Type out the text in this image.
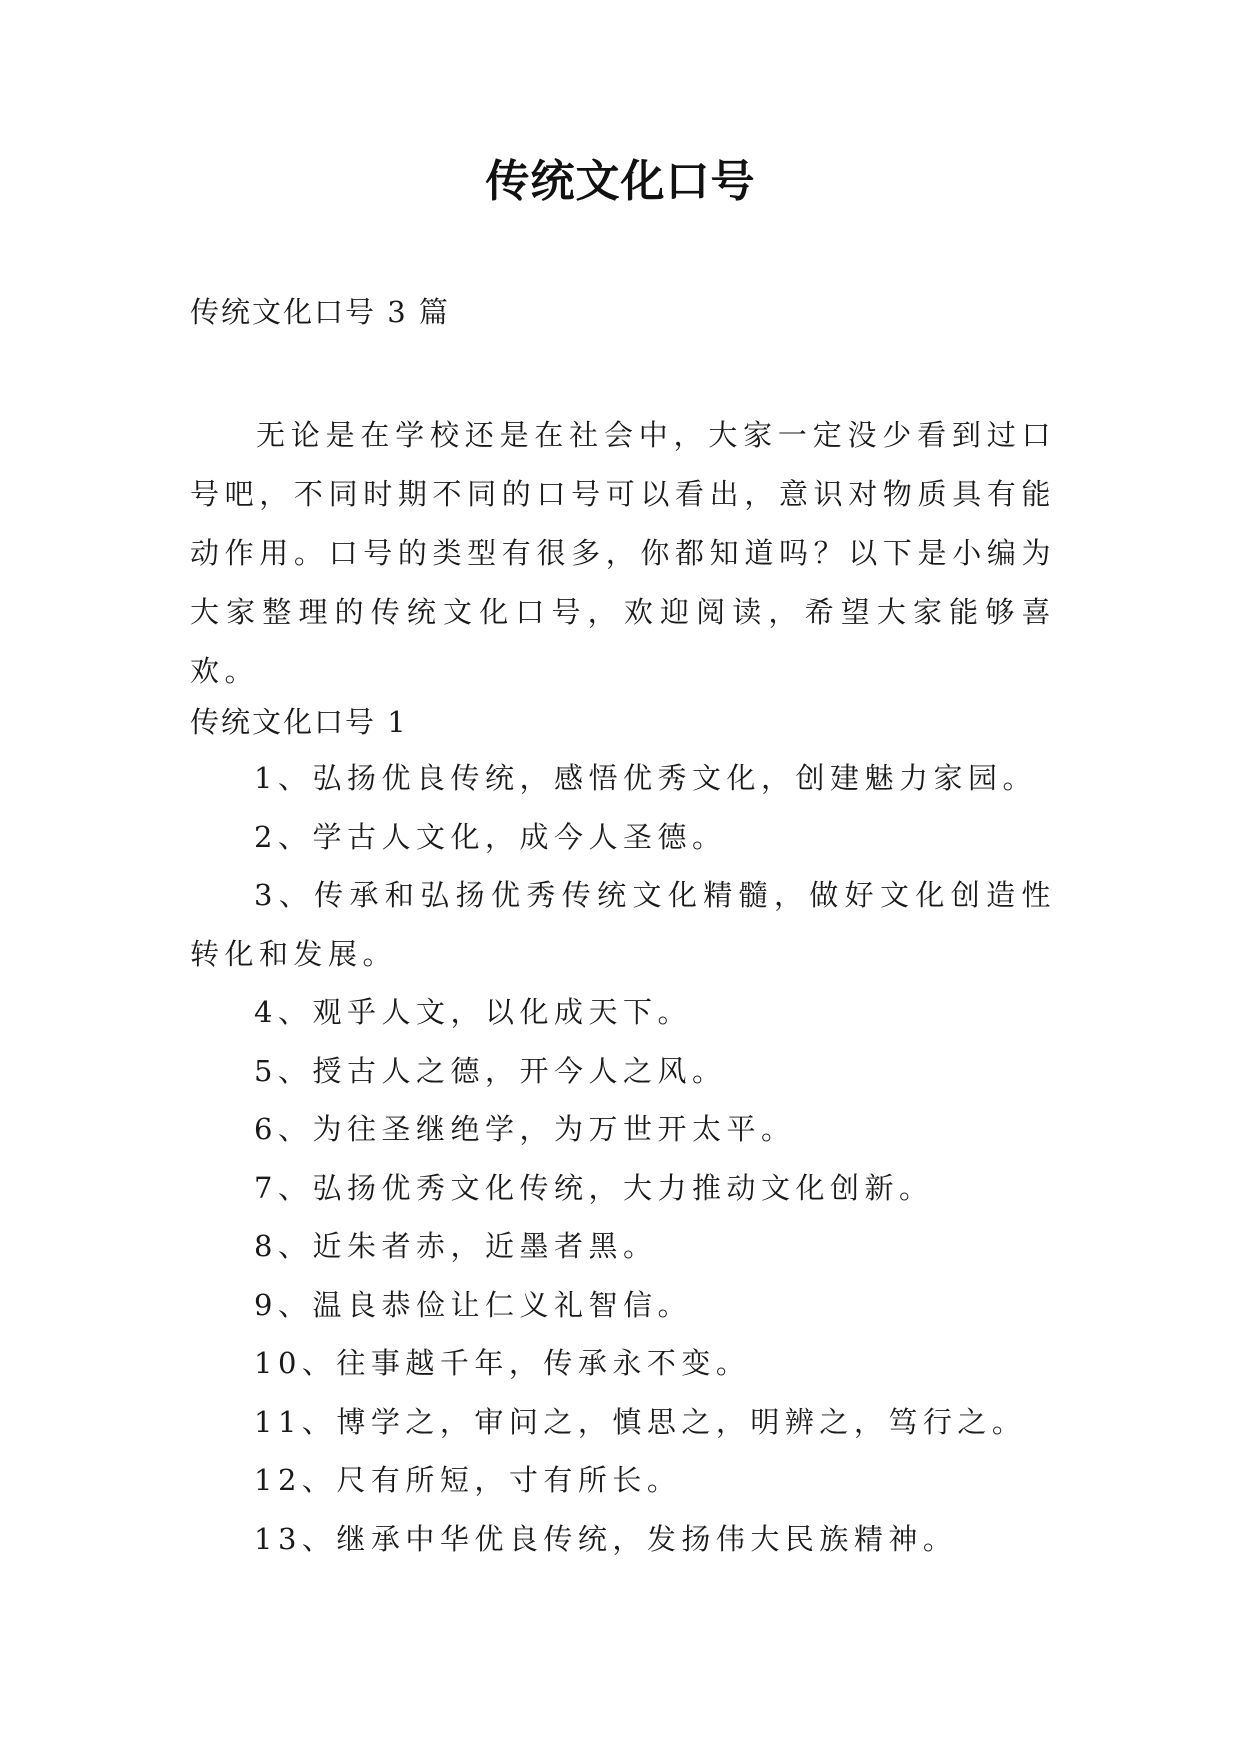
传统文化口号
传统文化口号 3 篇

无论是在学校还是在社会中，大家一定没少看到过口号吧，不同时期不同的口号可以看出，意识对物质具有能动作用。口号的类型有很多，你都知道吗？以下是小编为大家整理的传统文化口号，欢迎阅读，希望大家能够喜欢。

传统文化口号 1
1、弘扬优良传统，感悟优秀文化，创建魅力家园。
2、学古人文化，成今人圣德。
3、传承和弘扬优秀传统文化精髓，做好文化创造性转化和发展。
4、观乎人文，以化成天下。
5、授古人之德，开今人之风。
6、为往圣继绝学，为万世开太平。
7、弘扬优秀文化传统，大力推动文化创新。
8、近朱者赤，近墨者黑。
9、温良恭俭让仁义礼智信。
10、往事越千年，传承永不变。
11、博学之，审问之，慎思之，明辨之，笃行之。
12、尺有所短，寸有所长。
13、继承中华优良传统，发扬伟大民族精神。
